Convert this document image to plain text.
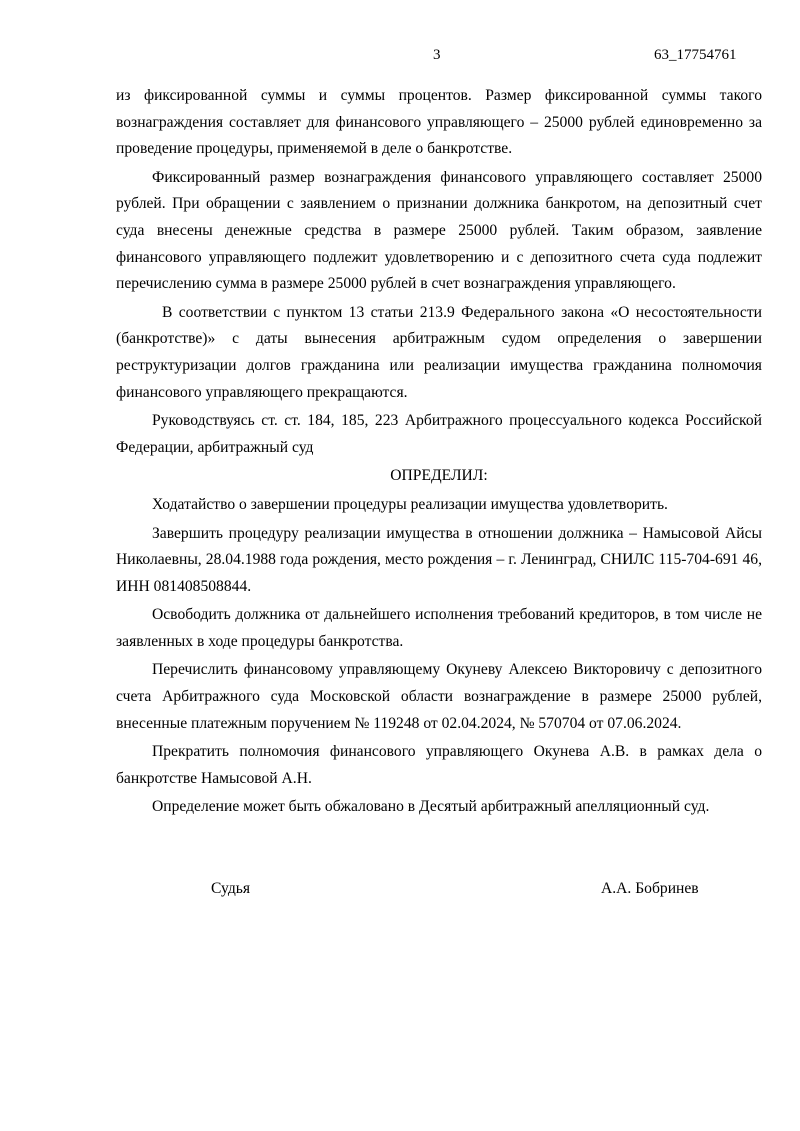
3	63_17754761

из фиксированной суммы и суммы процентов. Размер фиксированной суммы такого вознаграждения составляет для финансового управляющего – 25000 рублей единовременно за проведение процедуры, применяемой в деле о банкротстве.

Фиксированный размер вознаграждения финансового управляющего составляет 25000 рублей. При обращении с заявлением о признании должника банкротом, на депозитный счет суда внесены денежные средства в размере 25000 рублей. Таким образом, заявление финансового управляющего подлежит удовлетворению и с депозитного счета суда подлежит перечислению сумма в размере 25000 рублей в счет вознаграждения управляющего.

В соответствии с пунктом 13 статьи 213.9 Федерального закона «О несостоятельности (банкротстве)» с даты вынесения арбитражным судом определения о завершении реструктуризации долгов гражданина или реализации имущества гражданина полномочия финансового управляющего прекращаются.

Руководствуясь ст. ст. 184, 185, 223 Арбитражного процессуального кодекса Российской Федерации, арбитражный суд

ОПРЕДЕЛИЛ:

Ходатайство о завершении процедуры реализации имущества удовлетворить.

Завершить процедуру реализации имущества в отношении должника – Намысовой Айсы Николаевны, 28.04.1988 года рождения, место рождения – г. Ленинград, СНИЛС 115-704-691 46, ИНН 081408508844.

Освободить должника от дальнейшего исполнения требований кредиторов, в том числе не заявленных в ходе процедуры банкротства.

Перечислить финансовому управляющему Окуневу Алексею Викторовичу с депозитного счета Арбитражного суда Московской области вознаграждение в размере 25000 рублей, внесенные платежным поручением № 119248 от 02.04.2024, № 570704 от 07.06.2024.

Прекратить полномочия финансового управляющего Окунева А.В. в рамках дела о банкротстве Намысовой А.Н.

Определение может быть обжаловано в Десятый арбитражный апелляционный суд.

Судья	А.А. Бобринев
